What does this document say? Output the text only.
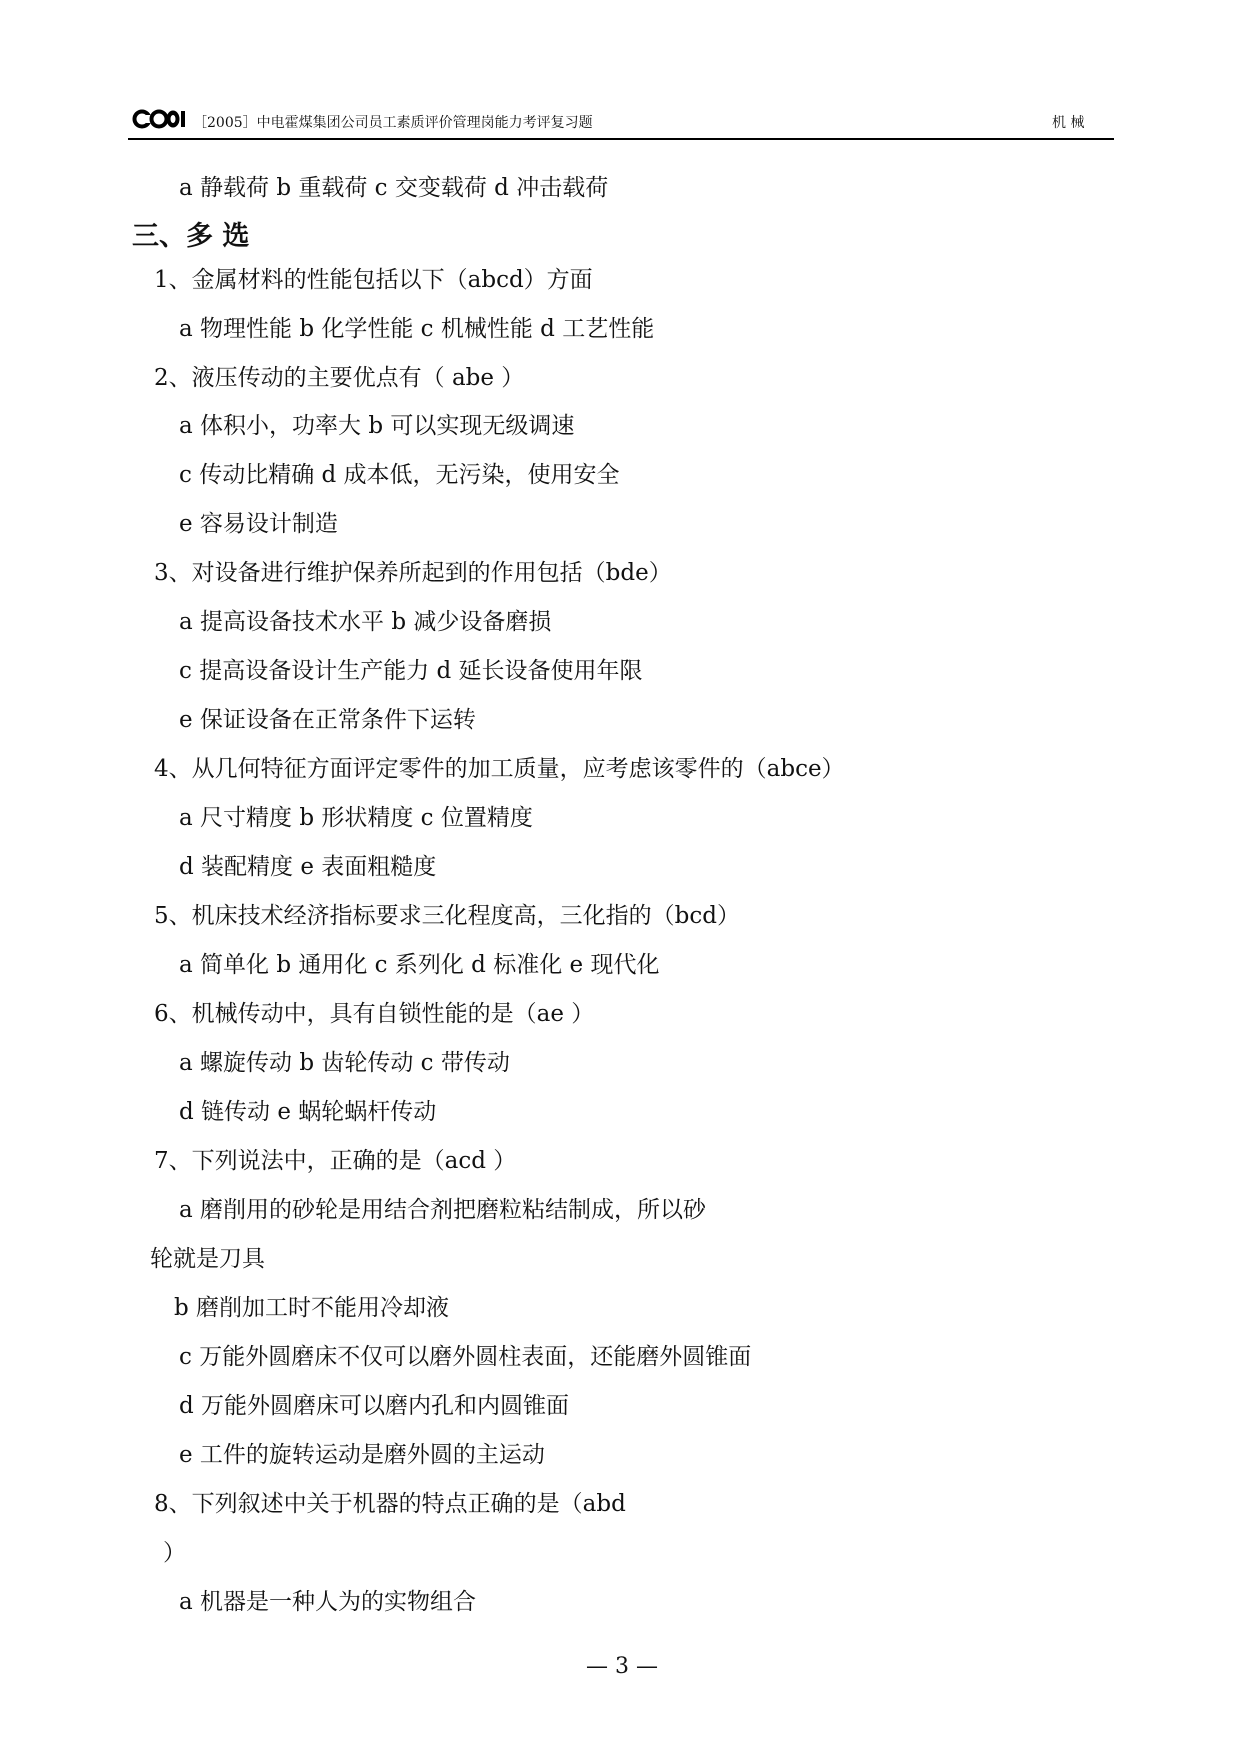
［2005］中电霍煤集团公司员工素质评价管理岗能力考评复习题	机 械
a 静载荷 b 重载荷 c 交变载荷 d 冲击载荷
三、多 选
1、金属材料的性能包括以下（abcd）方面
a 物理性能 b 化学性能 c 机械性能 d 工艺性能
2、液压传动的主要优点有（ abe ）
a 体积小，功率大 b 可以实现无级调速
c 传动比精确 d 成本低，无污染，使用安全
e 容易设计制造
3、对设备进行维护保养所起到的作用包括（bde）
a 提高设备技术水平 b 减少设备磨损
c 提高设备设计生产能力 d 延长设备使用年限
e 保证设备在正常条件下运转
4、从几何特征方面评定零件的加工质量，应考虑该零件的（abce）
a 尺寸精度 b 形状精度 c 位置精度
d 装配精度 e 表面粗糙度
5、机床技术经济指标要求三化程度高，三化指的（bcd）
a 简单化 b 通用化 c 系列化 d 标准化 e 现代化
6、机械传动中，具有自锁性能的是（ae ）
a 螺旋传动 b 齿轮传动 c 带传动
d 链传动 e 蜗轮蜗杆传动
7、下列说法中，正确的是（acd ）
a 磨削用的砂轮是用结合剂把磨粒粘结制成，所以砂
轮就是刀具
b 磨削加工时不能用冷却液
c 万能外圆磨床不仅可以磨外圆柱表面，还能磨外圆锥面
d 万能外圆磨床可以磨内孔和内圆锥面
e 工件的旋转运动是磨外圆的主运动
8、下列叙述中关于机器的特点正确的是（abd
）
a 机器是一种人为的实物组合
— 3 —
